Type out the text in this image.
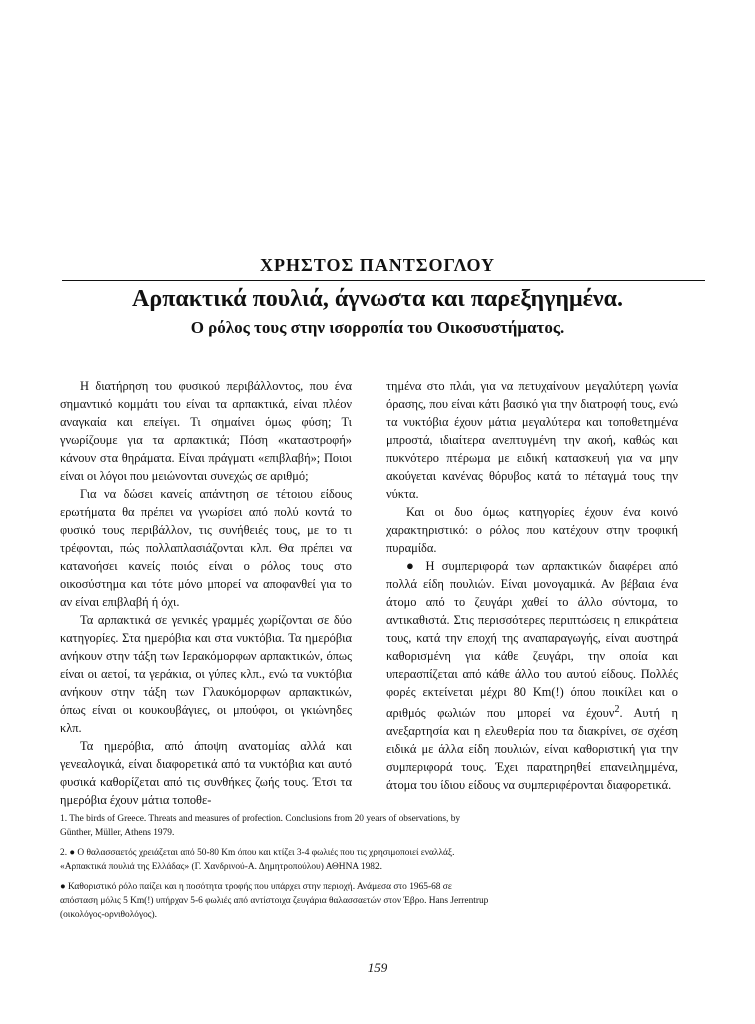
ΧΡΗΣΤΟΣ ΠΑΝΤΣΟΓΛΟΥ
Αρπακτικά πουλιά, άγνωστα και παρεξηγημένα.
Ο ρόλος τους στην ισορροπία του Οικοσυστήματος.

Η διατήρηση του φυσικού περιβάλλοντος, που ένα σημαντικό κομμάτι του είναι τα αρπακτικά, είναι πλέον αναγκαία και επείγει. Τι σημαίνει όμως φύση; Τι γνωρίζουμε για τα αρπακτικά; Πόση «καταστροφή» κάνουν στα θηράματα. Είναι πράγματι «επιβλαβή»; Ποιοι είναι οι λόγοι που μειώνονται συνεχώς σε αριθμό;

Για να δώσει κανείς απάντηση σε τέτοιου είδους ερωτήματα θα πρέπει να γνωρίσει από πολύ κοντά το φυσικό τους περιβάλλον, τις συνήθειές τους, με το τι τρέφονται, πώς πολλαπλασιάζονται κλπ. Θα πρέπει να κατανοήσει κανείς ποιός είναι ο ρόλος τους στο οικοσύστημα και τότε μόνο μπορεί να αποφανθεί για το αν είναι επιβλαβή ή όχι.

Τα αρπακτικά σε γενικές γραμμές χωρίζονται σε δύο κατηγορίες. Στα ημερόβια και στα νυκτόβια. Τα ημερόβια ανήκουν στην τάξη των Ιερακόμορφων αρπακτικών, όπως είναι οι αετοί, τα γεράκια, οι γύπες κλπ., ενώ τα νυκτόβια ανήκουν στην τάξη των Γλαυκόμορφων αρπακτικών, όπως είναι οι κουκουβάγιες, οι μπούφοι, οι γκιώνηδες κλπ.

Τα ημερόβια, από άποψη ανατομίας αλλά και γενεαλογικά, είναι διαφορετικά από τα νυκτόβια και αυτό φυσικά καθορίζεται από τις συνθήκες ζωής τους. Έτσι τα ημερόβια έχουν μάτια τοποθε-

τημένα στο πλάι, για να πετυχαίνουν μεγαλύτερη γωνία όρασης, που είναι κάτι βασικό για την διατροφή τους, ενώ τα νυκτόβια έχουν μάτια μεγαλύτερα και τοποθετημένα μπροστά, ιδιαίτερα ανεπτυγμένη την ακοή, καθώς και πυκνότερο πτέρωμα με ειδική κατασκευή για να μην ακούγεται κανένας θόρυβος κατά το πέταγμά τους την νύκτα.

Και οι δυο όμως κατηγορίες έχουν ένα κοινό χαρακτηριστικό: ο ρόλος που κατέχουν στην τροφική πυραμίδα.

● Η συμπεριφορά των αρπακτικών διαφέρει από πολλά είδη πουλιών. Είναι μονογαμικά. Αν βέβαια ένα άτομο από το ζευγάρι χαθεί το άλλο σύντομα, το αντικαθιστά. Στις περισσότερες περιπτώσεις η επικράτεια τους, κατά την εποχή της αναπαραγωγής, είναι αυστηρά καθορισμένη για κάθε ζευγάρι, την οποία και υπερασπίζεται από κάθε άλλο του αυτού είδους. Πολλές φορές εκτείνεται μέχρι 80 Km(!) όπου ποικίλει και ο αριθμός φωλιών που μπορεί να έχουν$^2$. Αυτή η ανεξαρτησία και η ελευθερία που τα διακρίνει, σε σχέση ειδικά με άλλα είδη πουλιών, είναι καθοριστική για την συμπεριφορά τους. Έχει παρατηρηθεί επανειλημμένα, άτομα του ίδιου είδους να συμπεριφέρονται διαφορετικά.

1. The birds of Greece. Threats and measures of profection. Conclusions from 20 years of observations, by Günther, Müller, Athens 1979.

2. ● Ο θαλασσαετός χρειάζεται από 50-80 Km όπου και κτίζει 3-4 φωλιές που τις χρησιμοποιεί εναλλάξ. «Αρπακτικά πουλιά της Ελλάδας» (Γ. Χανδρινού-Α. Δημητροπούλου) ΑΘΗΝΑ 1982.

● Καθοριστικό ρόλο παίζει και η ποσότητα τροφής που υπάρχει στην περιοχή. Ανάμεσα στο 1965-68 σε απόσταση μόλις 5 Km(!) υπήρχαν 5-6 φωλιές από αντίστοιχα ζευγάρια θαλασσαετών στον Έβρο. Hans Jerrentrup (οικολόγος-ορνιθολόγος).

159
